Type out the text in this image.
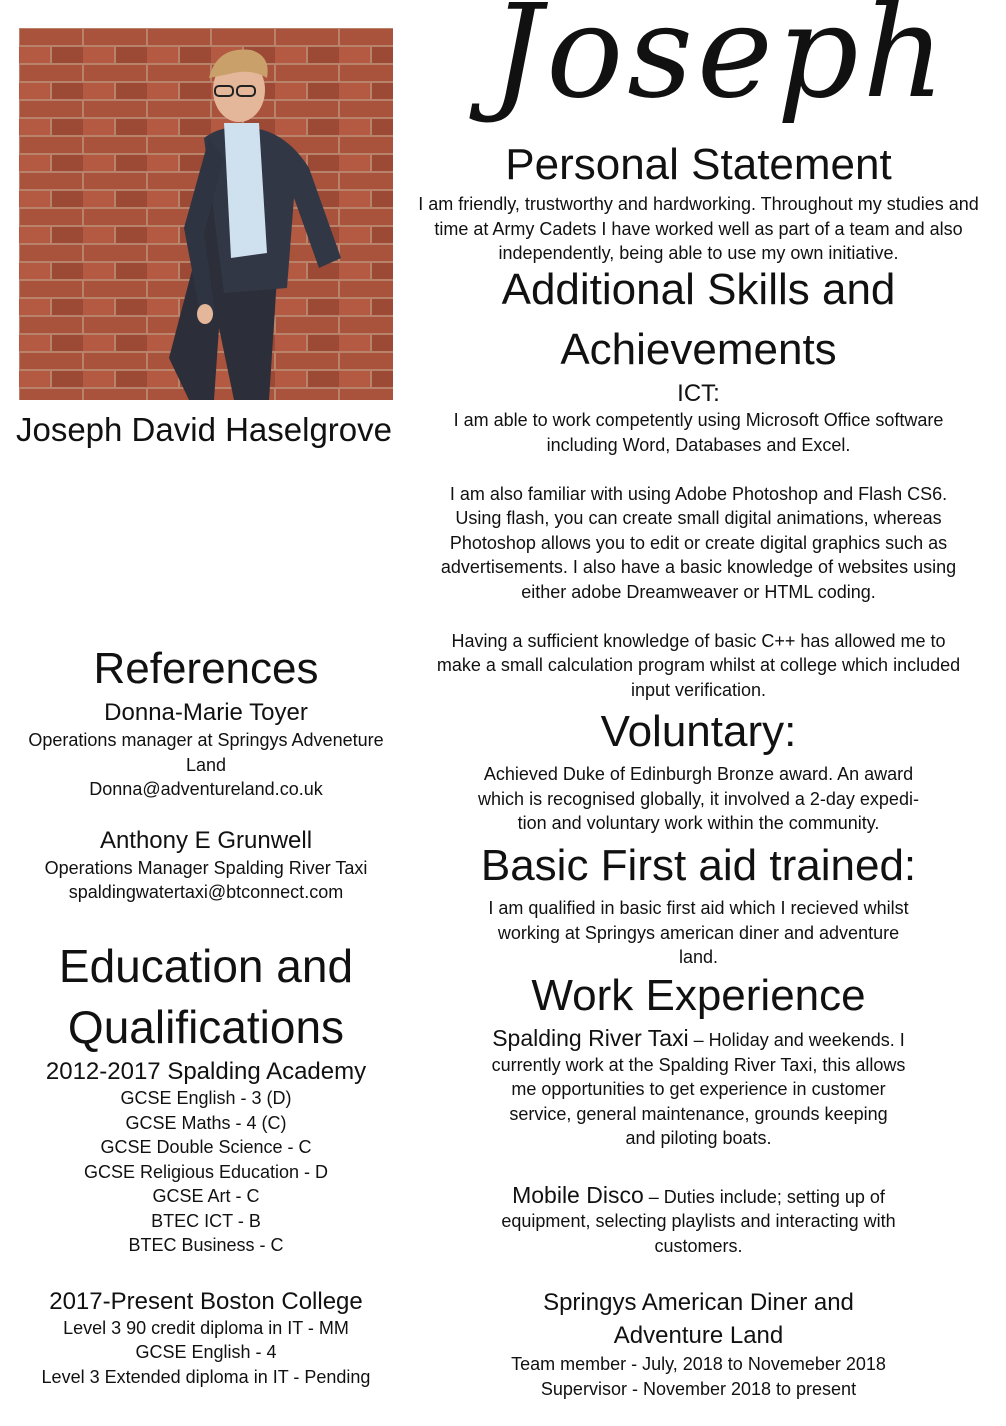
Joseph
Joseph David Haselgrove
Personal Statement
I am friendly, trustworthy and hardworking. Throughout my studies and
time at Army Cadets I have worked well as part of a team and also
independently, being able to use my own initiative.
Additional Skills and
Achievements
ICT:
I am able to work competently using Microsoft Office software
including Word, Databases and Excel.
I am also familiar with using Adobe Photoshop and Flash CS6.
Using flash, you can create small digital animations, whereas
Photoshop allows you to edit or create digital graphics such as
advertisements. I also have a basic knowledge of websites using
either adobe Dreamweaver or HTML coding.
Having a sufficient knowledge of basic C++ has allowed me to
make a small calculation program whilst at college which included
input verification.
Voluntary:
Achieved Duke of Edinburgh Bronze award. An award
which is recognised globally, it involved a 2-day expedi-
tion and voluntary work within the community.
Basic First aid trained:
I am qualified in basic first aid which I recieved whilst
working at Springys american diner and adventure
land.
Work Experience
Spalding River Taxi – Holiday and weekends. I
currently work at the Spalding River Taxi, this allows
me opportunities to get experience in customer
service, general maintenance, grounds keeping
and piloting boats.
Mobile Disco – Duties include; setting up of
equipment, selecting playlists and interacting with
customers.
Springys American Diner and
Adventure Land
Team member - July, 2018 to Novemeber 2018
Supervisor - November 2018 to present
References
Donna-Marie Toyer
Operations manager at Springys Adveneture
Land
Donna@adventureland.co.uk
Anthony E Grunwell
Operations Manager Spalding River Taxi
spaldingwatertaxi@btconnect.com
Education and
Qualifications
2012-2017 Spalding Academy
GCSE English - 3 (D)
GCSE Maths - 4 (C)
GCSE Double Science - C
GCSE Religious Education - D
GCSE Art - C
BTEC ICT - B
BTEC Business - C
2017-Present Boston College
Level 3 90 credit diploma in IT - MM
GCSE English - 4
Level 3 Extended diploma in IT - Pending
